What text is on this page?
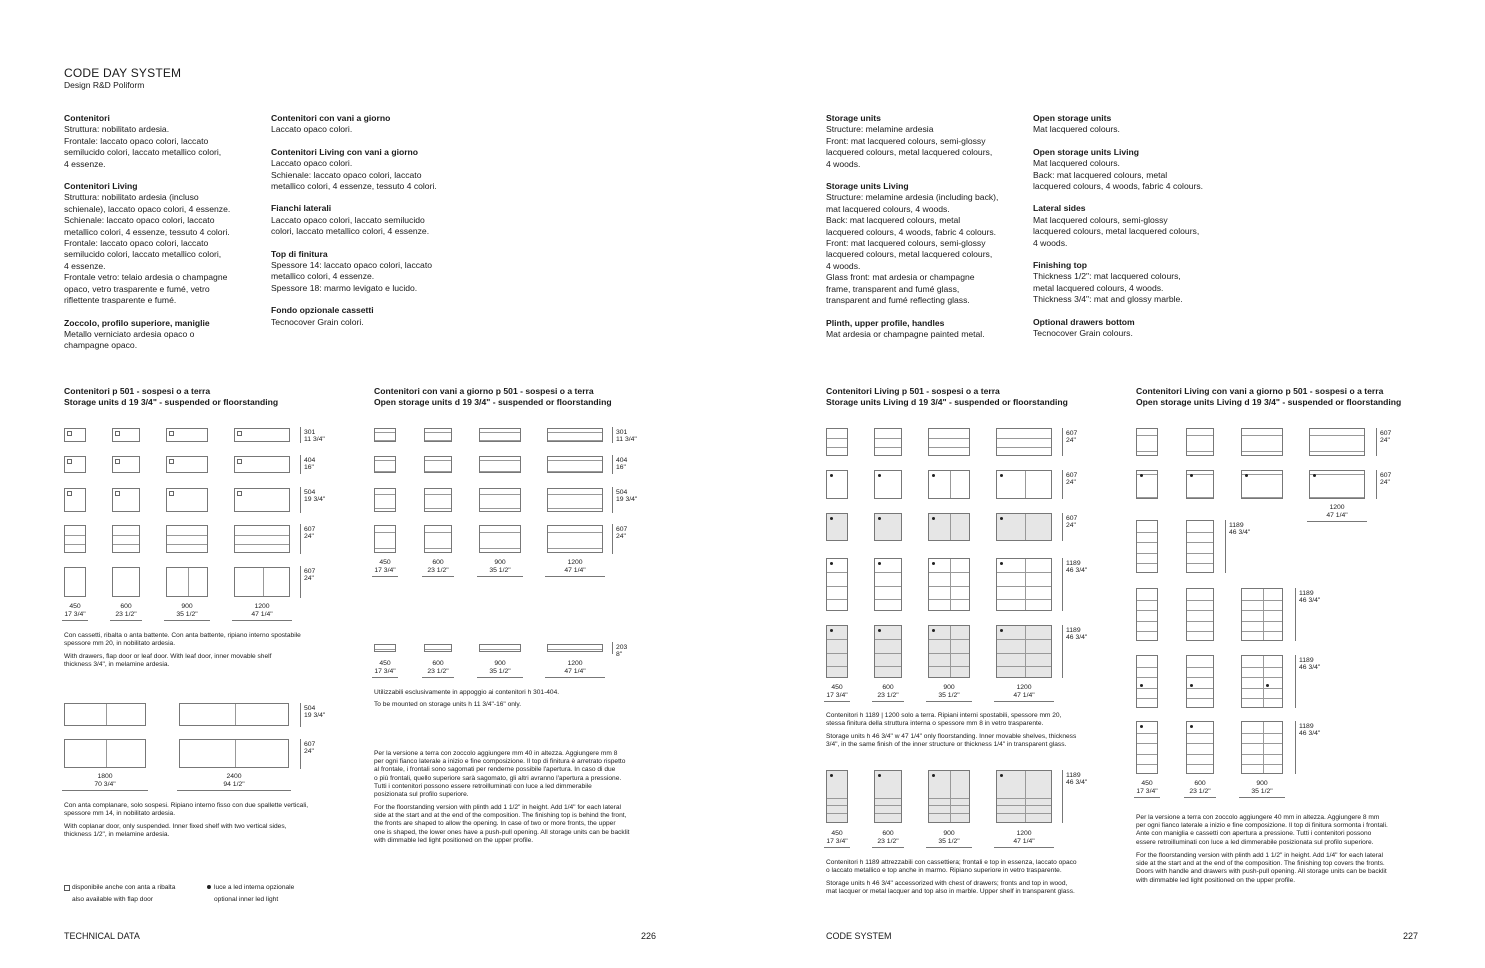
CODE DAY SYSTEM
Design R&D Poliform
Contenitori

Struttura: nobilitato ardesia.
Frontale: laccato opaco colori, laccato
semilucido colori, laccato metallico colori,
4 essenze.

Contenitori Living

Struttura: nobilitato ardesia (incluso
schienale), laccato opaco colori, 4 essenze.
Schienale: laccato opaco colori, laccato
metallico colori, 4 essenze, tessuto 4 colori.
Frontale: laccato opaco colori, laccato
semilucido colori, laccato metallico colori,
4 essenze.
Frontale vetro: telaio ardesia o champagne
opaco, vetro trasparente e fumé, vetro
riflettente trasparente e fumé.

Zoccolo, profilo superiore, maniglie

Metallo verniciato ardesia opaco o
champagne opaco.

Contenitori con vani a giorno

Laccato opaco colori.

Contenitori Living con vani a giorno

Laccato opaco colori.
Schienale: laccato opaco colori, laccato
metallico colori, 4 essenze, tessuto 4 colori.

Fianchi laterali

Laccato opaco colori, laccato semilucido
colori, laccato metallico colori, 4 essenze.

Top di finitura

Spessore 14: laccato opaco colori, laccato
metallico colori, 4 essenze.
Spessore 18: marmo levigato e lucido.

Fondo opzionale cassetti

Tecnocover Grain colori.

Contenitori p 501 - sospesi o a terra
Storage units d 19 3/4" - suspended or floorstanding
Contenitori con vani a giorno p 501 - sospesi o a terra
Open storage units d 19 3/4" - suspended or floorstanding
301
11 3/4"
404
16"
504
19 3/4"
607
24"
607
24"
450
17 3/4"
600
23 1/2"
900
35 1/2"
1200
47 1/4"
301
11 3/4"
404
16"
504
19 3/4"
607
24"
450
17 3/4"
600
23 1/2"
900
35 1/2"
1200
47 1/4"
203
8"
450
17 3/4"
600
23 1/2"
900
35 1/2"
1200
47 1/4"
504
19 3/4"
607
24"
1800
70 3/4"
2400
94 1/2"
Con cassetti, ribalta o anta battente. Con anta battente, ripiano interno spostabile
spessore mm 20, in nobilitato ardesia.
With drawers, flap door or leaf door. With leaf door, inner movable shelf
thickness 3/4", in melamine ardesia.
Con anta complanare, solo sospesi. Ripiano interno fisso con due spallette verticali,
spessore mm 14, in nobilitato ardesia.
With coplanar door, only suspended. Inner fixed shelf with two vertical sides,
thickness 1/2", in melamine ardesia.
Utilizzabili esclusivamente in appoggio ai contenitori h 301-404.
To be mounted on storage units h 11 3/4"-16" only.
Per la versione a terra con zoccolo aggiungere mm 40 in altezza. Aggiungere mm 8
per ogni fianco laterale a inizio e fine composizione. Il top di finitura è arretrato rispetto
al frontale, i frontali sono sagomati per renderne possibile l'apertura. In caso di due
o più frontali, quello superiore sarà sagomato, gli altri avranno l'apertura a pressione.
Tutti i contenitori possono essere retroilluminati con luce a led dimmerabile
posizionata sul profilo superiore.
For the floorstanding version with plinth add 1 1/2" in height. Add 1/4" for each lateral
side at the start and at the end of the composition. The finishing top is behind the front,
the fronts are shaped to allow the opening. In case of two or more fronts, the upper
one is shaped, the lower ones have a push-pull opening. All storage units can be backlit
with dimmable led light positioned on the upper profile.
disponibile anche con anta a ribalta
also available with flap door
luce a led interna opzionale
optional inner led light
TECHNICAL DATA	226
Storage units

Structure: melamine ardesia
Front: mat lacquered colours, semi-glossy
lacquered colours, metal lacquered colours,
4 woods.

Storage units Living

Structure: melamine ardesia (including back),
mat lacquered colours, 4 woods.
Back: mat lacquered colours, metal
lacquered colours, 4 woods, fabric 4 colours.
Front: mat lacquered colours, semi-glossy
lacquered colours, metal lacquered colours,
4 woods.
Glass front: mat ardesia or champagne
frame, transparent and fumé glass,
transparent and fumé reflecting glass.

Plinth, upper profile, handles

Mat ardesia or champagne painted metal.

Open storage units

Mat lacquered colours.

Open storage units Living

Mat lacquered colours.
Back: mat lacquered colours, metal
lacquered colours, 4 woods, fabric 4 colours.

Lateral sides

Mat lacquered colours, semi-glossy
lacquered colours, metal lacquered colours,
4 woods.

Finishing top

Thickness 1/2": mat lacquered colours,
metal lacquered colours, 4 woods.
Thickness 3/4": mat and glossy marble.

Optional drawers bottom

Tecnocover Grain colours.

Contenitori Living p 501 - sospesi o a terra
Storage units Living d 19 3/4" - suspended or floorstanding
Contenitori Living con vani a giorno p 501 - sospesi o a terra
Open storage units Living d 19 3/4" - suspended or floorstanding
607
24"
607
24"
607
24"
1189
46 3/4"
1189
46 3/4"
450
17 3/4"
600
23 1/2"
900
35 1/2"
1200
47 1/4"
1189
46 3/4"
450
17 3/4"
600
23 1/2"
900
35 1/2"
1200
47 1/4"
607
24"
607
24"
1200
47 1/4"
1189
46 3/4"
1189
46 3/4"
1189
46 3/4"
1189
46 3/4"
450
17 3/4"
600
23 1/2"
900
35 1/2"
Contenitori h 1189 | 1200 solo a terra. Ripiani interni spostabili, spessore mm 20,
stessa finitura della struttura interna o spessore mm 8 in vetro trasparente.
Storage units h 46 3/4" w 47 1/4" only floorstanding. Inner movable shelves, thickness
3/4", in the same finish of the inner structure or thickness 1/4" in transparent glass.
Contenitori h 1189 attrezzabili con cassettiera; frontali e top in essenza, laccato opaco
o laccato metallico e top anche in marmo. Ripiano superiore in vetro trasparente.
Storage units h 46 3/4" accessorized with chest of drawers; fronts and top in wood,
mat lacquer or metal lacquer and top also in marble. Upper shelf in transparent glass.
Per la versione a terra con zoccolo aggiungere 40 mm in altezza. Aggiungere 8 mm
per ogni fianco laterale a inizio e fine composizione. Il top di finitura sormonta i frontali.
Ante con maniglia e cassetti con apertura a pressione. Tutti i contenitori possono
essere retroilluminati con luce a led dimmerabile posizionata sul profilo superiore.
For the floorstanding version with plinth add 1 1/2" in height. Add 1/4" for each lateral
side at the start and at the end of the composition. The finishing top covers the fronts.
Doors with handle and drawers with push-pull opening. All storage units can be backlit
with dimmable led light positioned on the upper profile.
CODE SYSTEM	227
